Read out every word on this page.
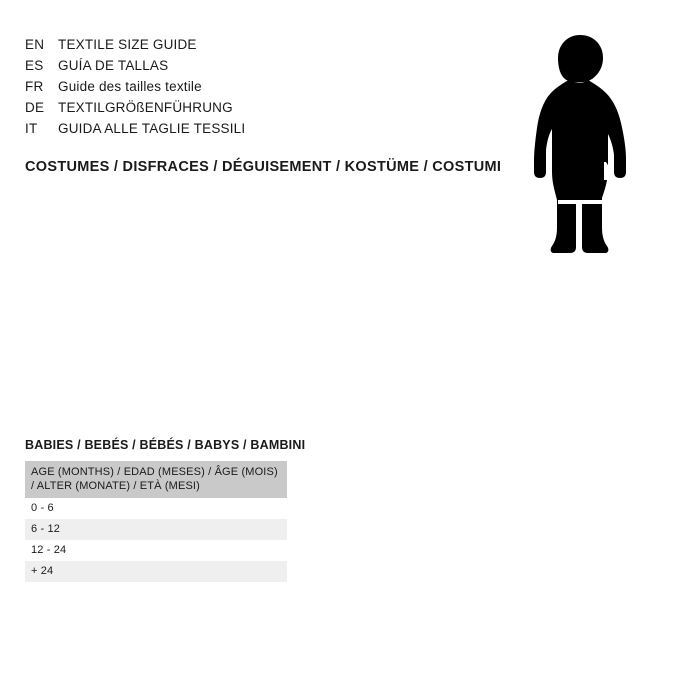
EN	TEXTILE SIZE GUIDE
ES	GUÍA DE TALLAS
FR	Guide des tailles textile
DE	TEXTILGRÖßENFÜHRUNG
IT	GUIDA ALLE TAGLIE TESSILI
COSTUMES / DISFRACES / DÉGUISEMENT / KOSTÜME / COSTUMI
BABIES / BEBÉS / BÉBÉS / BABYS / BAMBINI
AGE (MONTHS) / EDAD (MESES) / ÂGE (MOIS) / ALTER (MONATE) / ETÀ (MESI)
0 - 6
6 - 12
12 - 24
+ 24
